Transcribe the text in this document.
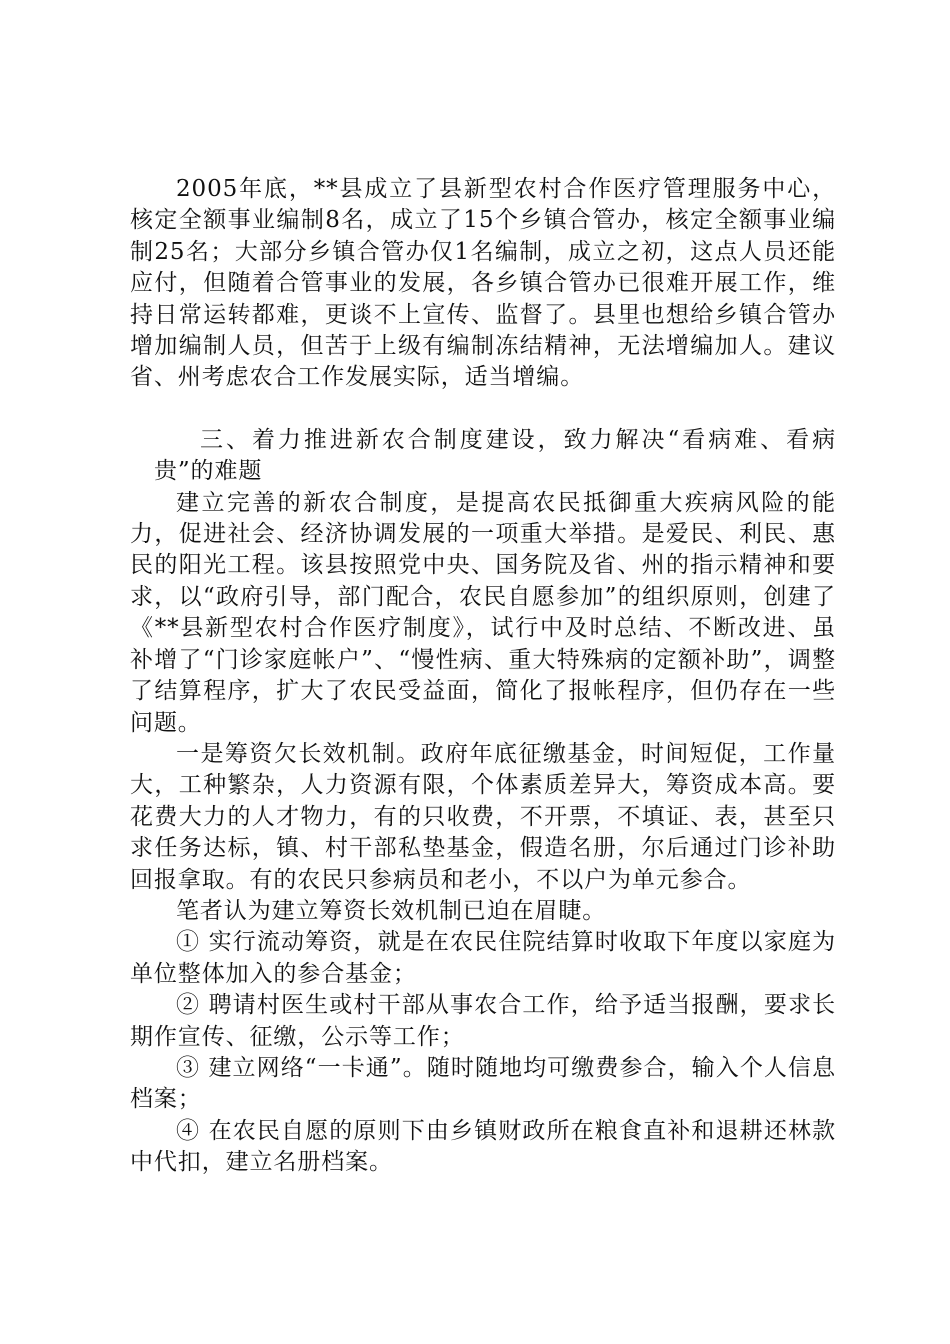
2005年底，**县成立了县新型农村合作医疗管理服务中心，核定全额事业编制8名，成立了15个乡镇合管办，核定全额事业编制25名；大部分乡镇合管办仅1名编制，成立之初，这点人员还能应付，但随着合管事业的发展，各乡镇合管办已很难开展工作，维持日常运转都难，更谈不上宣传、监督了。县里也想给乡镇合管办增加编制人员，但苦于上级有编制冻结精神，无法增编加人。建议省、州考虑农合工作发展实际，适当增编。

三、着力推进新农合制度建设，致力解决“看病难、看病贵”的难题

建立完善的新农合制度，是提高农民抵御重大疾病风险的能力，促进社会、经济协调发展的一项重大举措。是爱民、利民、惠民的阳光工程。该县按照党中央、国务院及省、州的指示精神和要求，以“政府引导，部门配合，农民自愿参加”的组织原则，创建了《**县新型农村合作医疗制度》，试行中及时总结、不断改进、虽补增了“门诊家庭帐户”、“慢性病、重大特殊病的定额补助”，调整了结算程序，扩大了农民受益面，简化了报帐程序，但仍存在一些问题。

一是筹资欠长效机制。政府年底征缴基金，时间短促，工作量大，工种繁杂，人力资源有限，个体素质差异大，筹资成本高。要花费大力的人才物力，有的只收费，不开票，不填证、表，甚至只求任务达标，镇、村干部私垫基金，假造名册，尔后通过门诊补助回报拿取。有的农民只参病员和老小，不以户为单元参合。

笔者认为建立筹资长效机制已迫在眉睫。

① 实行流动筹资，就是在农民住院结算时收取下年度以家庭为单位整体加入的参合基金；

② 聘请村医生或村干部从事农合工作，给予适当报酬，要求长期作宣传、征缴，公示等工作；

③ 建立网络“一卡通”。随时随地均可缴费参合，输入个人信息档案；

④ 在农民自愿的原则下由乡镇财政所在粮食直补和退耕还林款中代扣，建立名册档案。
